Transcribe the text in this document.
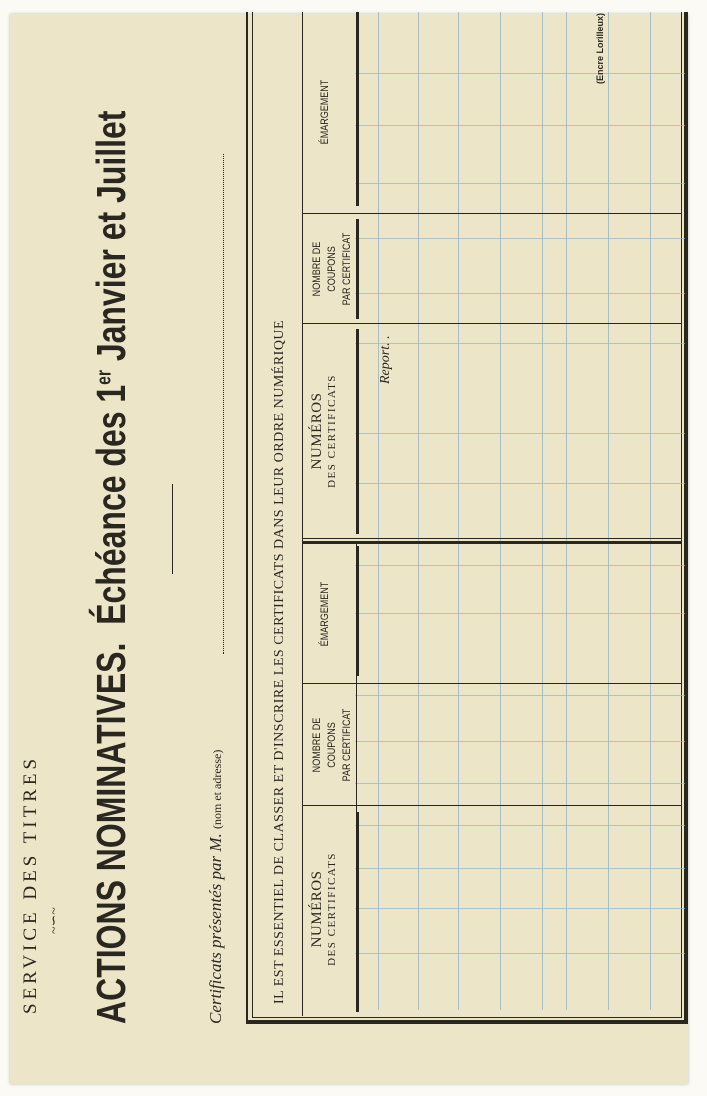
SERVICE DES TITRES ~∽~ ACTIONS NOMINATIVES.  Échéance des 1er Janvier et Juillet
Certificats présentés par M. (nom et adresse)	IL EST ESSENTIEL DE CLASSER ET D'INSCRIRE LES CERTIFICATS DANS LEUR ORDRE NUMÉRIQUE NUMÉROS DES CERTIFICATS
NOMBRE DE COUPONS PAR CERTIFICAT
ÉMARGEMENT
NUMÉROS DES CERTIFICATS
NOMBRE DE COUPONS PAR CERTIFICAT
ÉMARGEMENT
Report. .
(Encre Lorilleux)
